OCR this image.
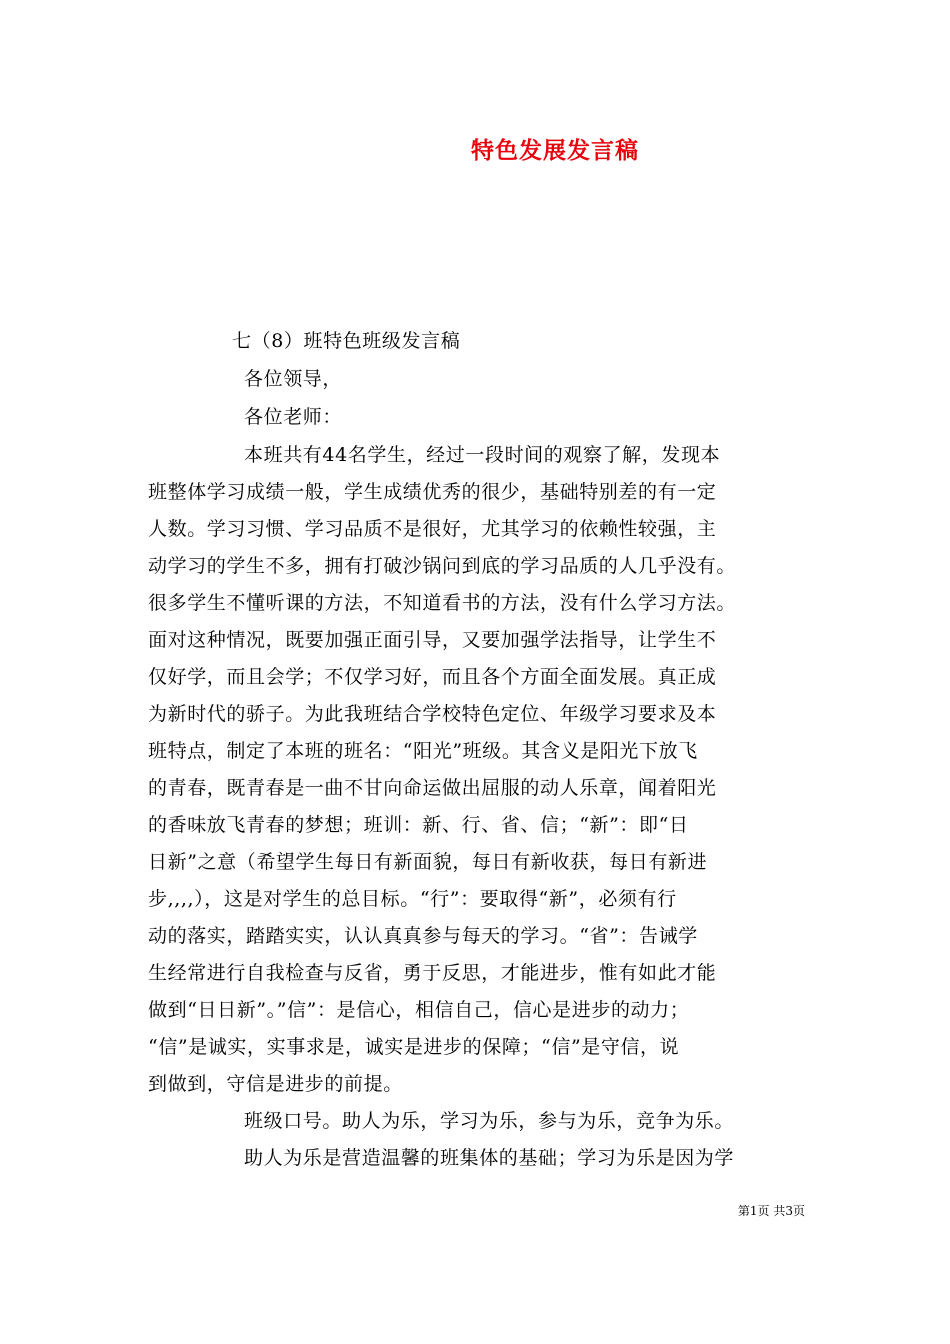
特色发展发言稿
七（8）班特色班级发言稿
各位领导，
各位老师：
本班共有44名学生，经过一段时间的观察了解，发现本
班整体学习成绩一般，学生成绩优秀的很少，基础特别差的有一定
人数。学习习惯、学习品质不是很好，尤其学习的依赖性较强，主
动学习的学生不多，拥有打破沙锅问到底的学习品质的人几乎没有。
很多学生不懂听课的方法，不知道看书的方法，没有什么学习方法。
面对这种情况，既要加强正面引导，又要加强学法指导，让学生不
仅好学，而且会学；不仅学习好，而且各个方面全面发展。真正成
为新时代的骄子。为此我班结合学校特色定位、年级学习要求及本
班特点，制定了本班的班名：“阳光”班级。其含义是阳光下放飞
的青春，既青春是一曲不甘向命运做出屈服的动人乐章，闻着阳光
的香味放飞青春的梦想；班训：新、行、省、信；“新”：即“日
日新”之意（希望学生每日有新面貌，每日有新收获，每日有新进
步,,,,），这是对学生的总目标。“行”：要取得“新”，必须有行
动的落实，踏踏实实，认认真真参与每天的学习。“省”：告诫学
生经常进行自我检查与反省，勇于反思，才能进步，惟有如此才能
做到“日日新”。”信”：是信心，相信自己，信心是进步的动力；
“信”是诚实，实事求是，诚实是进步的保障；“信”是守信，说
到做到，守信是进步的前提。
班级口号。助人为乐，学习为乐，参与为乐，竞争为乐。
助人为乐是营造温馨的班集体的基础；学习为乐是因为学
第1页 共3页
